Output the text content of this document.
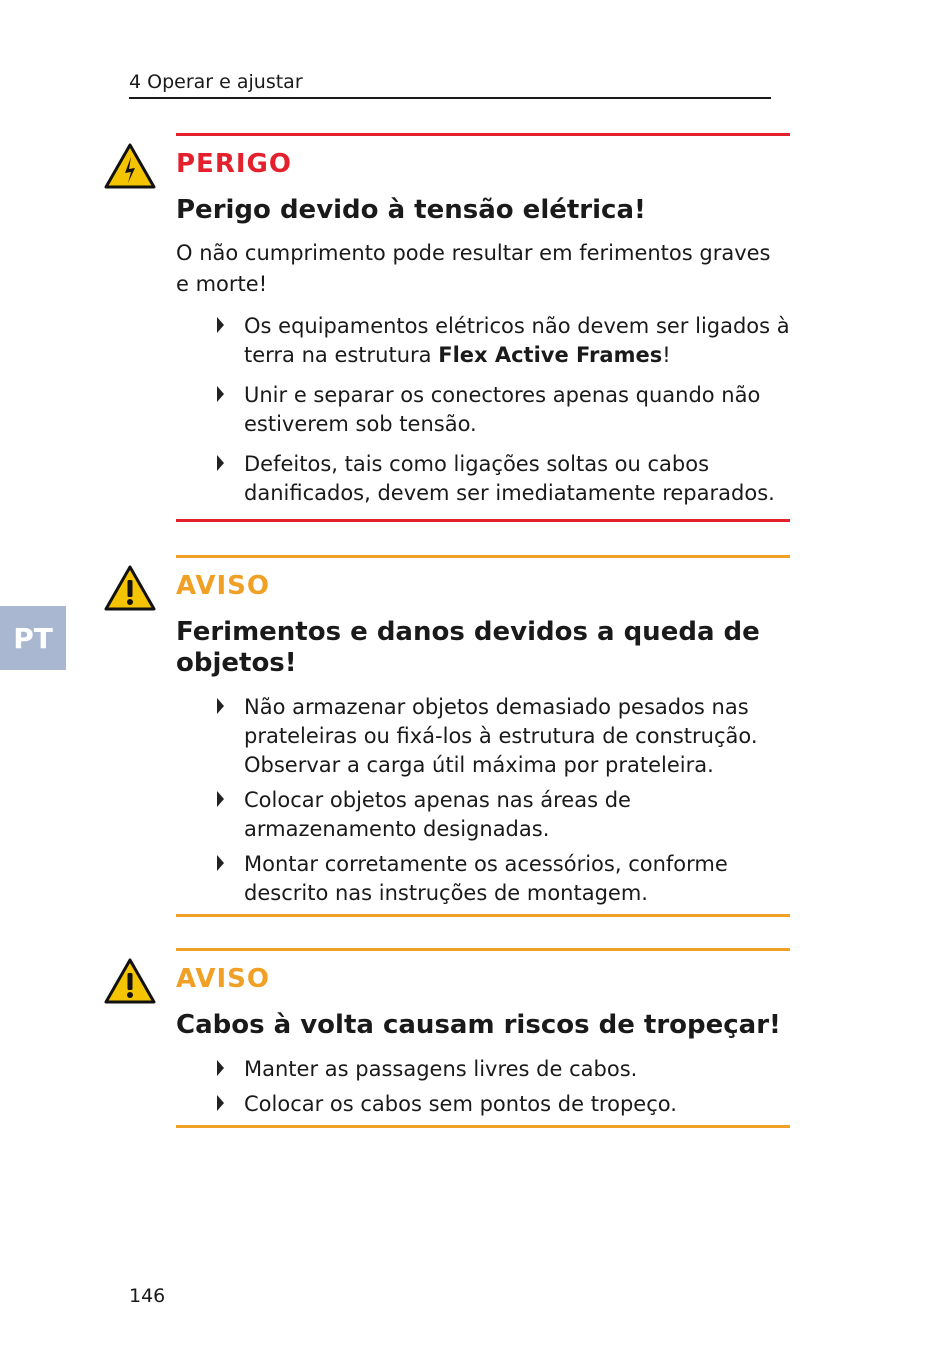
4 Operar e ajustar
PT
PERIGO
Perigo devido à tensão elétrica!
O não cumprimento pode resultar em ferimentos graves e morte!
Os equipamentos elétricos não devem ser ligados à terra na estrutura Flex Active Frames!
Unir e separar os conectores apenas quando não estiverem sob tensão.
Defeitos, tais como ligações soltas ou cabos danificados, devem ser imediatamente reparados.
AVISO
Ferimentos e danos devidos a queda de objetos!
Não armazenar objetos demasiado pesados nas prateleiras ou fixá-los à estrutura de construção. Observar a carga útil máxima por prateleira.
Colocar objetos apenas nas áreas de armazenamento designadas.
Montar corretamente os acessórios, conforme descrito nas instruções de montagem.
AVISO
Cabos à volta causam riscos de tropeçar!
Manter as passagens livres de cabos.
Colocar os cabos sem pontos de tropeço.
146
